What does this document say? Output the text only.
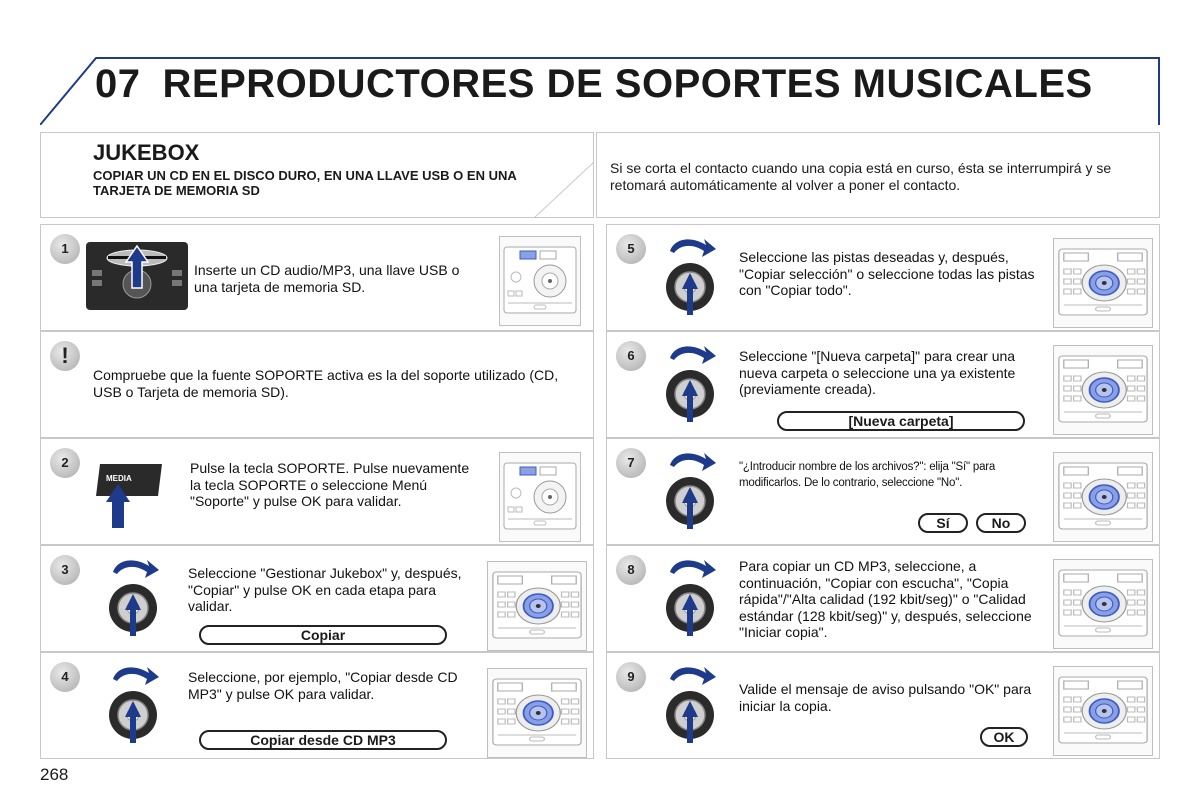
07 REPRODUCTORES DE SOPORTES MUSICALES
JUKEBOX
COPIAR UN CD EN EL DISCO DURO, EN UNA LLAVE USB O EN UNA TARJETA DE MEMORIA SD
Si se corta el contacto cuando una copia está en curso, ésta se interrumpirá y se retomará automáticamente al volver a poner el contacto.
1
Inserte un CD audio/MP3, una llave USB o una tarjeta de memoria SD.
!
Compruebe que la fuente SOPORTE activa es la del soporte utilizado (CD, USB o Tarjeta de memoria SD).
2
MEDIA
Pulse la tecla SOPORTE. Pulse nuevamente la tecla SOPORTE o seleccione Menú "Soporte" y pulse OK para validar.
3	Seleccione "Gestionar Jukebox" y, después, "Copiar" y pulse OK en cada etapa para validar.
Copiar
4	Seleccione, por ejemplo, "Copiar desde CD MP3" y pulse OK para validar.
Copiar desde CD MP3
5
Seleccione las pistas deseadas y, después, "Copiar selección" o seleccione todas las pistas con "Copiar todo".
6	Seleccione "[Nueva carpeta]" para crear una nueva carpeta o seleccione una ya existente (previamente creada).
[Nueva carpeta]
7	"¿Introducir nombre de los archivos?": elija "Sí" para modificarlos. De lo contrario, seleccione "No".
Sí	No
8	Para copiar un CD MP3, seleccione, a continuación, "Copiar con escucha", "Copia rápida"/"Alta calidad (192 kbit/seg)" o "Calidad estándar (128 kbit/seg)" y, después, seleccione "Iniciar copia".
9
Valide el mensaje de aviso pulsando "OK" para iniciar la copia.
OK
268
